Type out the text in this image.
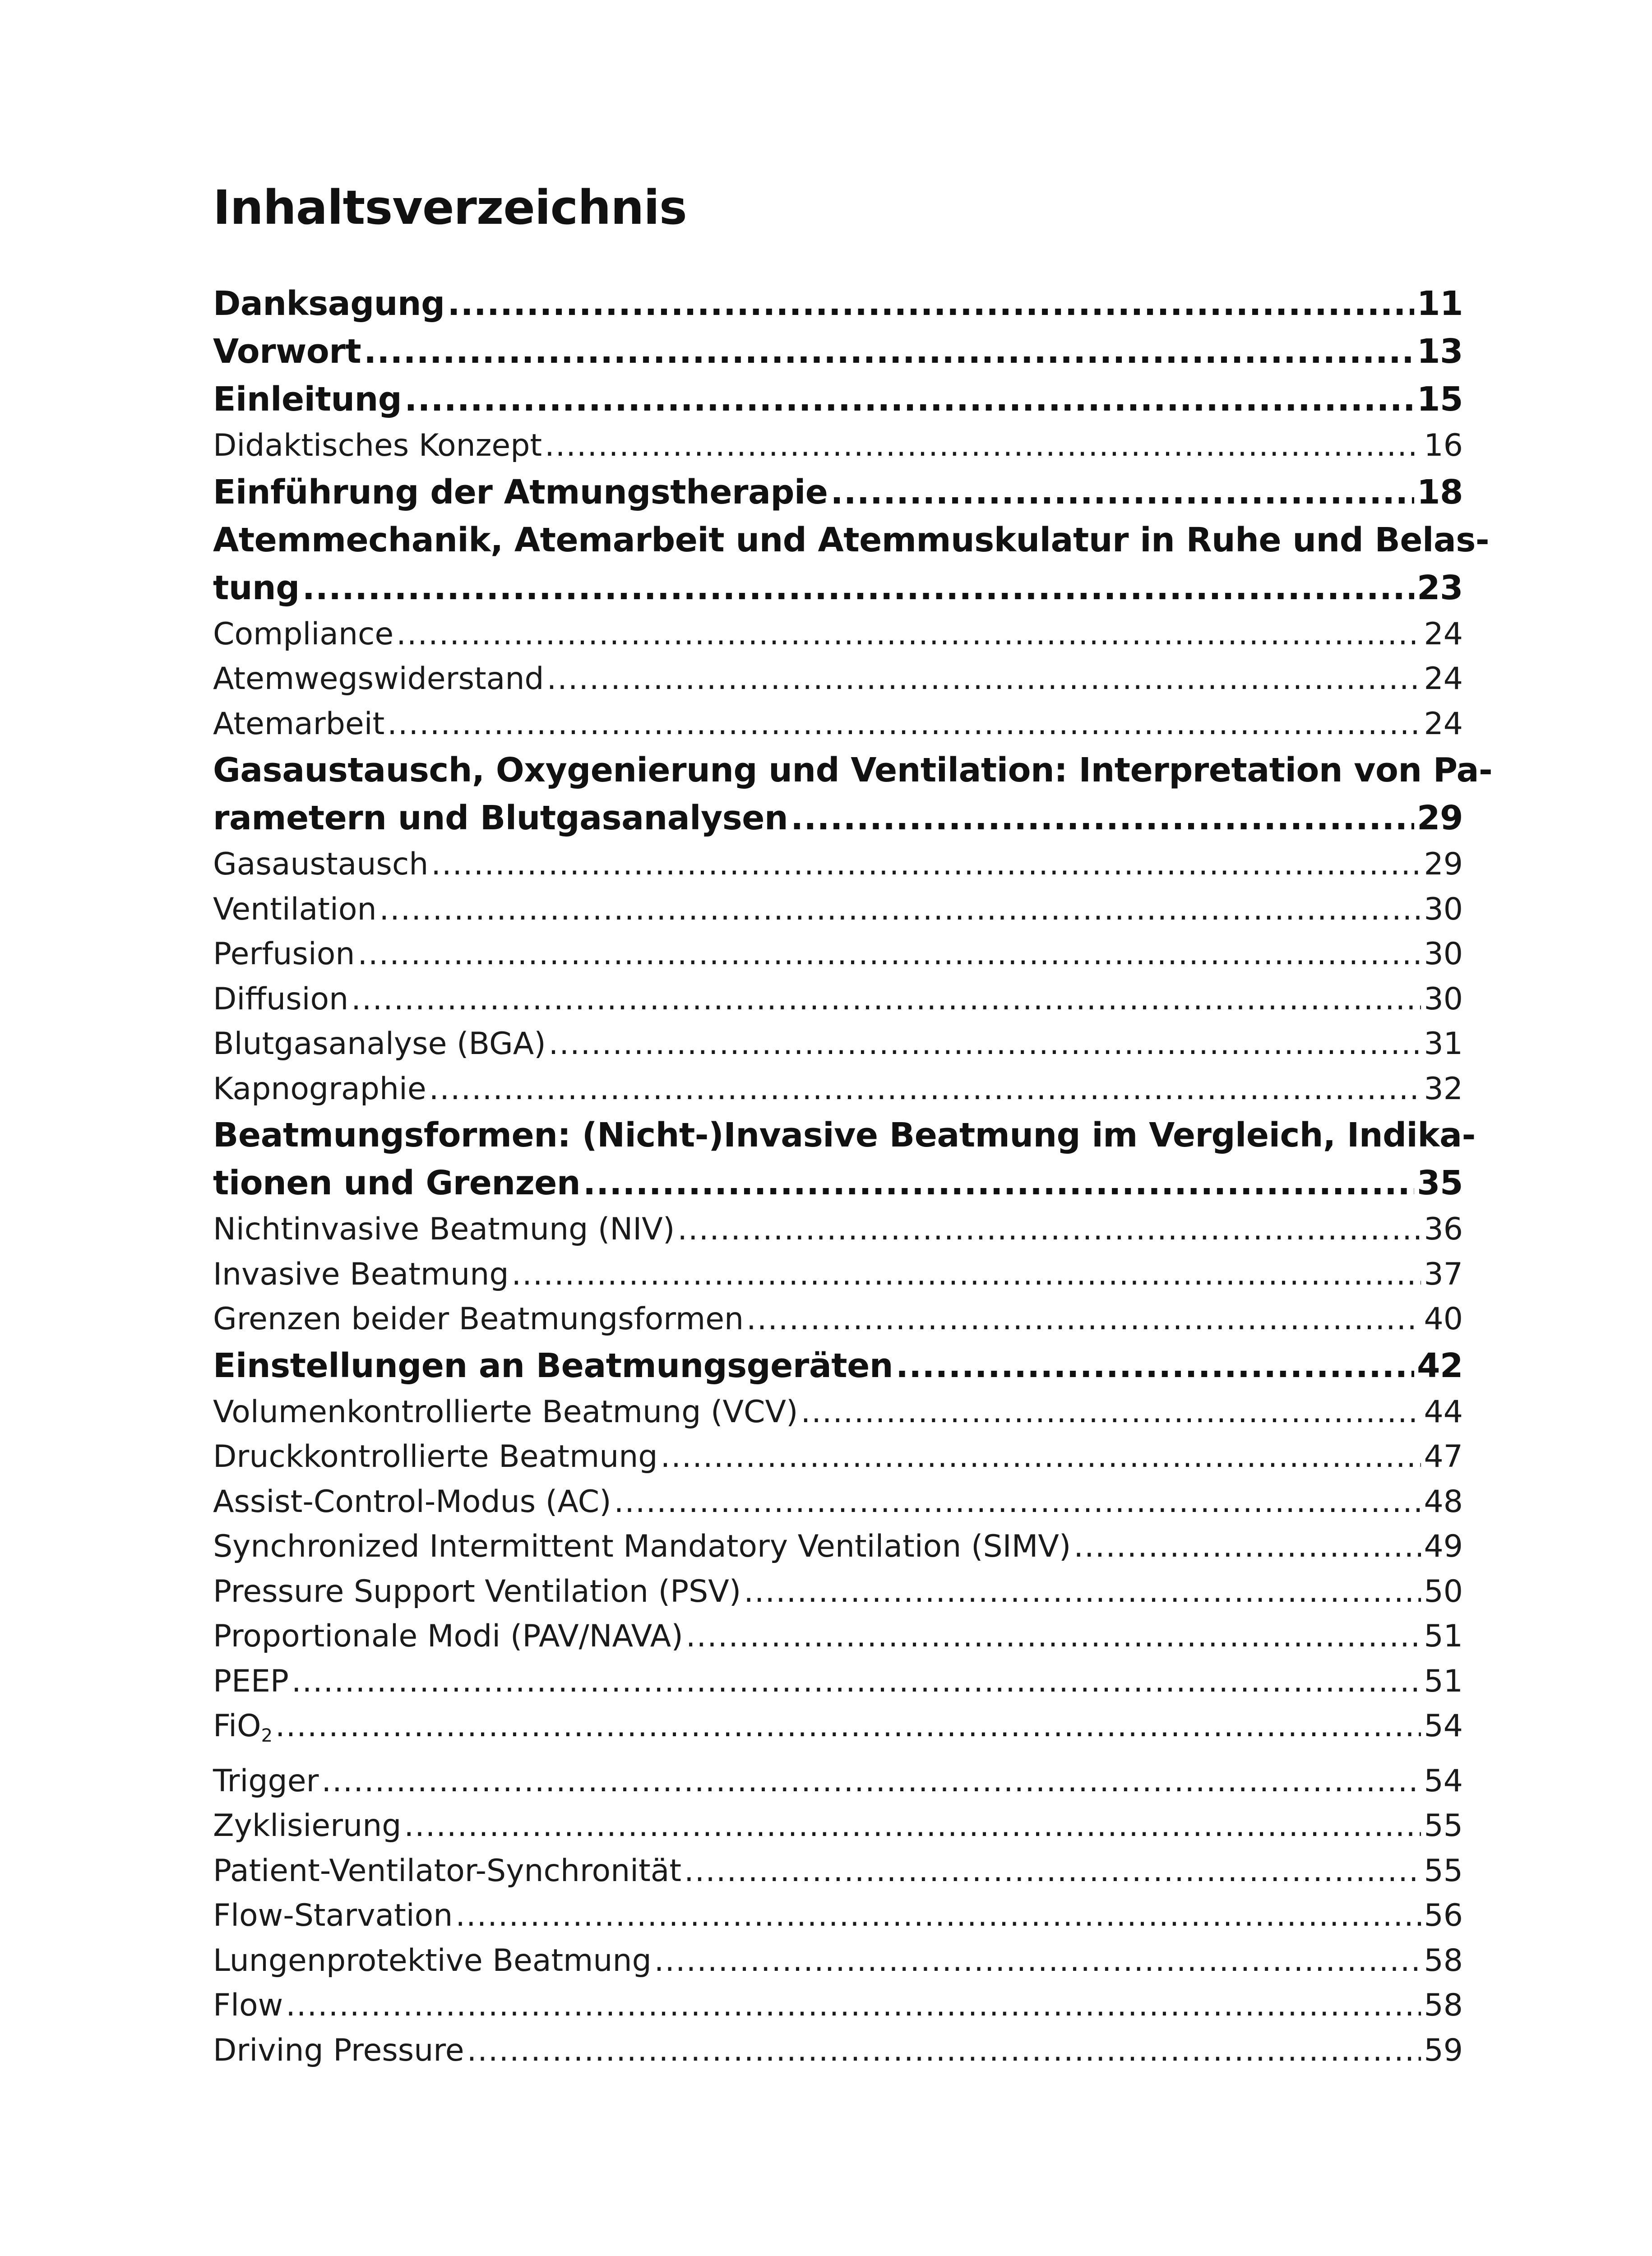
Inhaltsverzeichnis
Danksagung .....	11
Vorwort .....	13
Einleitung .....	15
Didaktisches Konzept .....	16
Einführung der Atmungstherapie .....	18
Atemmechanik, Atemarbeit und Atemmuskulatur in Ruhe und Belas-
tung .....	23
Compliance .....	24
Atemwegswiderstand .....	24
Atemarbeit .....	24
Gasaustausch, Oxygenierung und Ventilation: Interpretation von Pa-
rametern und Blutgasanalysen .....	29
Gasaustausch .....	29
Ventilation .....	30
Perfusion .....	30
Diffusion .....	30
Blutgasanalyse (BGA) .....	31
Kapnographie .....	32
Beatmungsformen: (Nicht-)Invasive Beatmung im Vergleich, Indika-
tionen und Grenzen .....	35
Nichtinvasive Beatmung (NIV) .....	36
Invasive Beatmung .....	37
Grenzen beider Beatmungsformen .....	40
Einstellungen an Beatmungsgeräten .....	42
Volumenkontrollierte Beatmung (VCV) .....	44
Druckkontrollierte Beatmung .....	47
Assist-Control-Modus (AC) .....	48
Synchronized Intermittent Mandatory Ventilation (SIMV) .....	49
Pressure Support Ventilation (PSV) .....	50
Proportionale Modi (PAV/NAVA) .....	51
PEEP .....	51
FiO$_2$ .....	54
Trigger .....	54
Zyklisierung .....	55
Patient-Ventilator-Synchronität .....	55
Flow-Starvation .....	56
Lungenprotektive Beatmung .....	58
Flow .....	58
Driving Pressure .....	59
